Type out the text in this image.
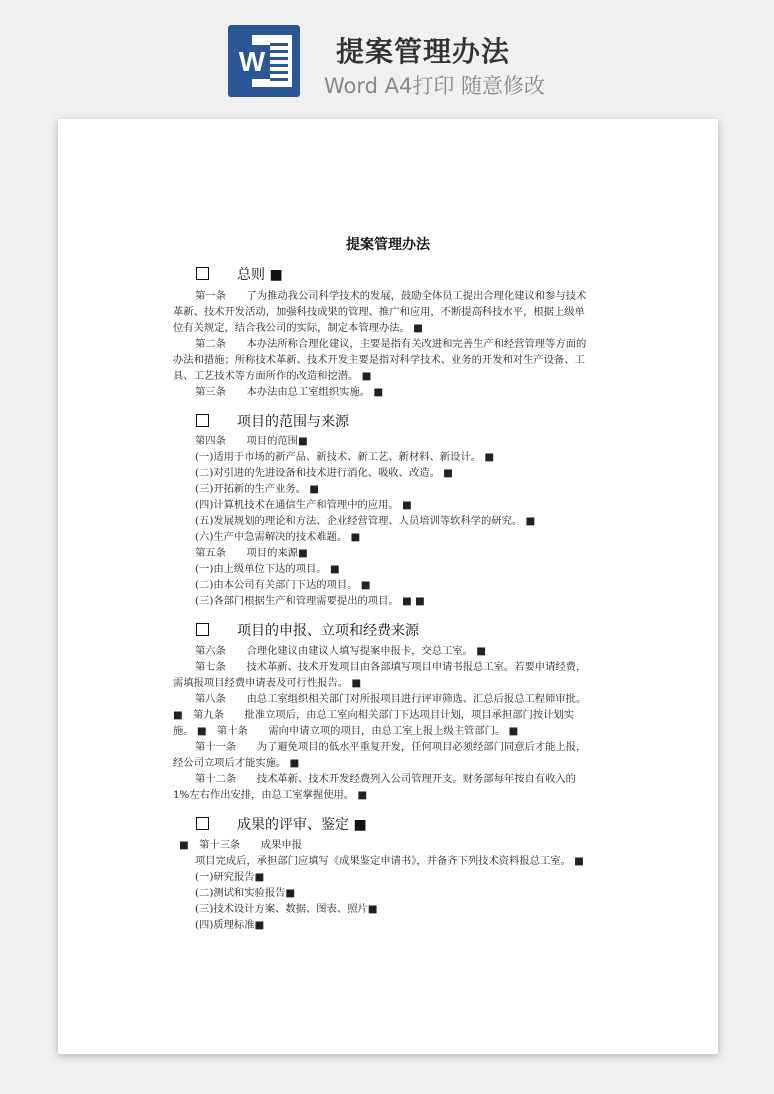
W	提案管理办法
Word A4打印 随意修改

提案管理办法
总则 ■
第一条　　了为推动我公司科学技术的发展，鼓励全体员工提出合理化建议和参与技术
革新、技术开发活动，加强科技成果的管理、推广和应用，不断提高科技水平，根据上级单
位有关规定，结合我公司的实际，制定本管理办法。 ■
第二条　　本办法所称合理化建议，主要是指有关改进和完善生产和经营管理等方面的
办法和措施；所称技术革新、技术开发主要是指对科学技术、业务的开发和对生产设备、工
具、工艺技术等方面所作的改造和挖潜。 ■
第三条　　本办法由总工室组织实施。 ■
项目的范围与来源
第四条　　项目的范围■
(一)适用于市场的新产品、新技术、新工艺、新材料、新设计。 ■
(二)对引进的先进设备和技术进行消化、吸收、改造。 ■
(三)开拓新的生产业务。 ■
(四)计算机技术在通信生产和管理中的应用。 ■
(五)发展规划的理论和方法、企业经营管理、人员培训等软科学的研究。 ■
(六)生产中急需解决的技术难题。 ■
第五条　　项目的来源■
(一)由上级单位下达的项目。 ■
(二)由本公司有关部门下达的项目。 ■
(三)各部门根据生产和管理需要提出的项目。 ■ ■
项目的申报、立项和经费来源
第六条　　合理化建议由建议人填写提案申报卡，交总工室。 ■
第七条　　技术革新、技术开发项目由各部填写项目申请书报总工室。若要申请经费，
需填报项目经费申请表及可行性报告。 ■
第八条　　由总工室组织相关部门对所报项目进行评审筛选、汇总后报总工程师审批。
■　第九条　　批准立项后，由总工室向相关部门下达项目计划，项目承担部门按计划实
施。 ■　第十条　　需向申请立项的项目，由总工室上报上级主管部门。 ■
第十一条　　为了避免项目的低水平重复开发，任何项目必须经部门同意后才能上报，
经公司立项后才能实施。 ■
第十二条　　技术革新、技术开发经费列入公司管理开支。财务部每年按自有收入的
1%左右作出安排，由总工室掌握使用。 ■
成果的评审、鉴定 ■
■　第十三条　　成果申报
项目完成后，承担部门应填写《成果鉴定申请书》，并备齐下列技术资料报总工室。 ■
(一)研究报告■
(二)测试和实验报告■
(三)技术设计方案、数据、图表、照片■
(四)质理标准■
